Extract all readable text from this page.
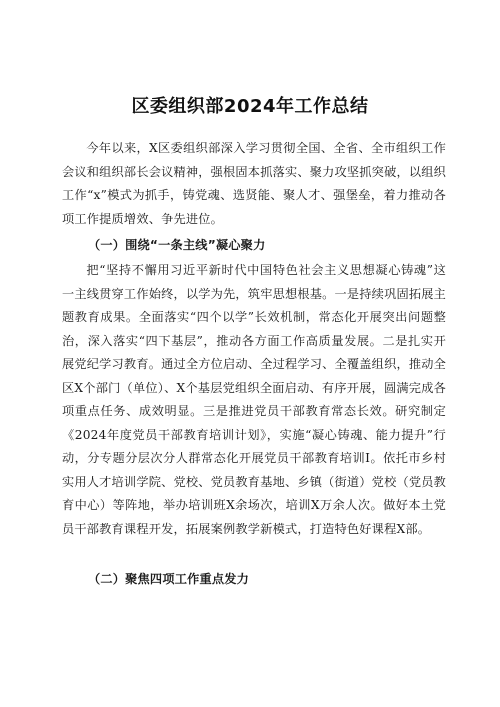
区委组织部2024年工作总结
今年以来，X区委组织部深入学习贯彻全国、全省、全市组织工作会议和组织部长会议精神，强根固本抓落实、聚力攻坚抓突破，以组织工作“x”模式为抓手，铸党魂、选贤能、聚人才、强堡垒，着力推动各项工作提质增效、争先进位。
（一）围绕“一条主线”凝心聚力
把“坚持不懈用习近平新时代中国特色社会主义思想凝心铸魂”这一主线贯穿工作始终，以学为先，筑牢思想根基。一是持续巩固拓展主题教育成果。全面落实“四个以学”长效机制，常态化开展突出问题整治，深入落实“四下基层”，推动各方面工作高质量发展。二是扎实开展党纪学习教育。通过全方位启动、全过程学习、全覆盖组织，推动全区X个部门（单位）、X个基层党组织全面启动、有序开展，圆满完成各项重点任务、成效明显。三是推进党员干部教育常态长效。研究制定《2024年度党员干部教育培训计划》，实施“凝心铸魂、能力提升”行动，分专题分层次分人群常态化开展党员干部教育培训I。依托市乡村实用人才培训学院、党校、党员教育基地、乡镇（街道）党校（党员教育中心）等阵地，举办培训班X余场次，培训X万余人次。做好本土党员干部教育课程开发，拓展案例教学新模式，打造特色好课程X部。
（二）聚焦四项工作重点发力
